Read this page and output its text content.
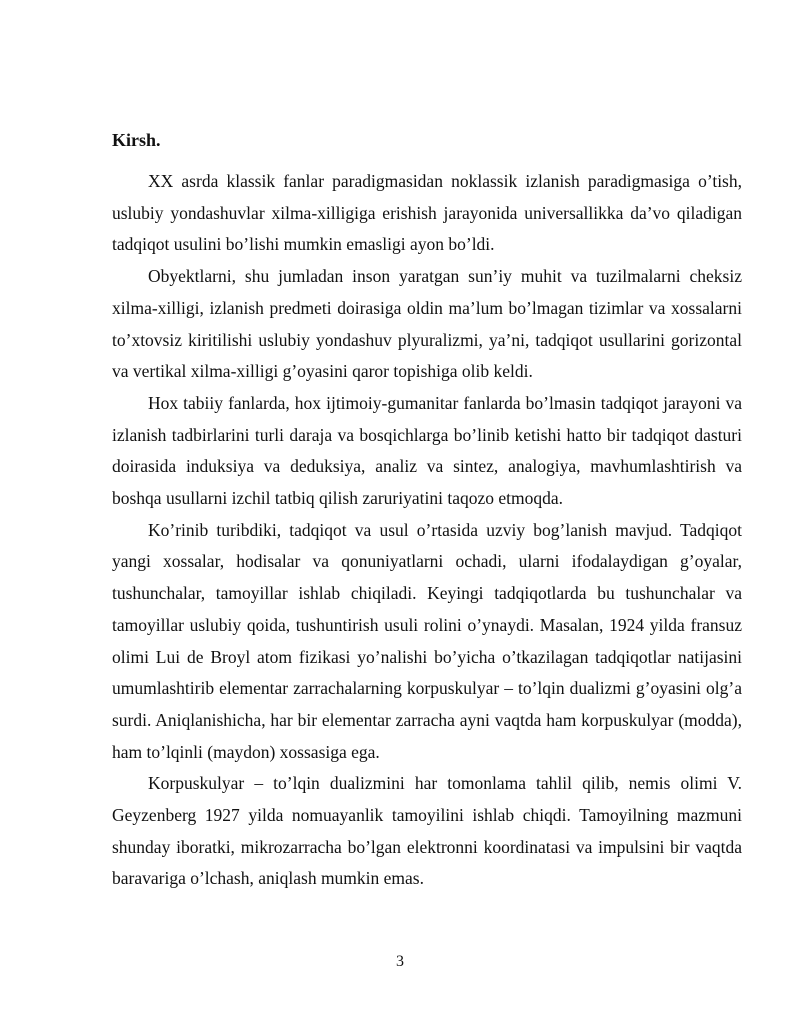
Kirsh.

XX asrda klassik fanlar paradigmasidan noklassik izlanish paradigmasiga o’tish, uslubiy yondashuvlar xilma-xilligiga erishish jarayonida universallikka da’vo qiladigan tadqiqot usulini bo’lishi mumkin emasligi ayon bo’ldi.

Obyektlarni, shu jumladan inson yaratgan sun’iy muhit va tuzilmalarni cheksiz xilma-xilligi, izlanish predmeti doirasiga oldin ma’lum bo’lmagan tizimlar va xossalarni to’xtovsiz kiritilishi uslubiy yondashuv plyuralizmi, ya’ni, tadqiqot usullarini gorizontal va vertikal xilma-xilligi g’oyasini qaror topishiga olib keldi.

Hox tabiiy fanlarda, hox ijtimoiy-gumanitar fanlarda bo’lmasin tadqiqot jarayoni va izlanish tadbirlarini turli daraja va bosqichlarga bo’linib ketishi hatto bir tadqiqot dasturi doirasida induksiya va deduksiya, analiz va sintez, analogiya, mavhumlashtirish va boshqa usullarni izchil tatbiq qilish zaruriyatini taqozo etmoqda.

Ko’rinib turibdiki, tadqiqot va usul o’rtasida uzviy bog’lanish mavjud. Tadqiqot yangi xossalar, hodisalar va qonuniyatlarni ochadi, ularni ifodalaydigan g’oyalar, tushunchalar, tamoyillar ishlab chiqiladi. Keyingi tadqiqotlarda bu tushunchalar va tamoyillar uslubiy qoida, tushuntirish usuli rolini o’ynaydi. Masalan, 1924 yilda fransuz olimi Lui de Broyl atom fizikasi yo’nalishi bo’yicha o’tkazilagan tadqiqotlar natijasini umumlashtirib elementar zarrachalarning korpuskulyar – to’lqin dualizmi g’oyasini olg’a surdi. Aniqlanishicha, har bir elementar zarracha ayni vaqtda ham korpuskulyar (modda), ham to’lqinli (maydon) xossasiga ega.

Korpuskulyar – to’lqin dualizmini har tomonlama tahlil qilib, nemis olimi V. Geyzenberg 1927 yilda nomuayanlik tamoyilini ishlab chiqdi. Tamoyilning mazmuni shunday iboratki, mikrozarracha bo’lgan elektronni koordinatasi va impulsini bir vaqtda baravariga o’lchash, aniqlash mumkin emas.

3
